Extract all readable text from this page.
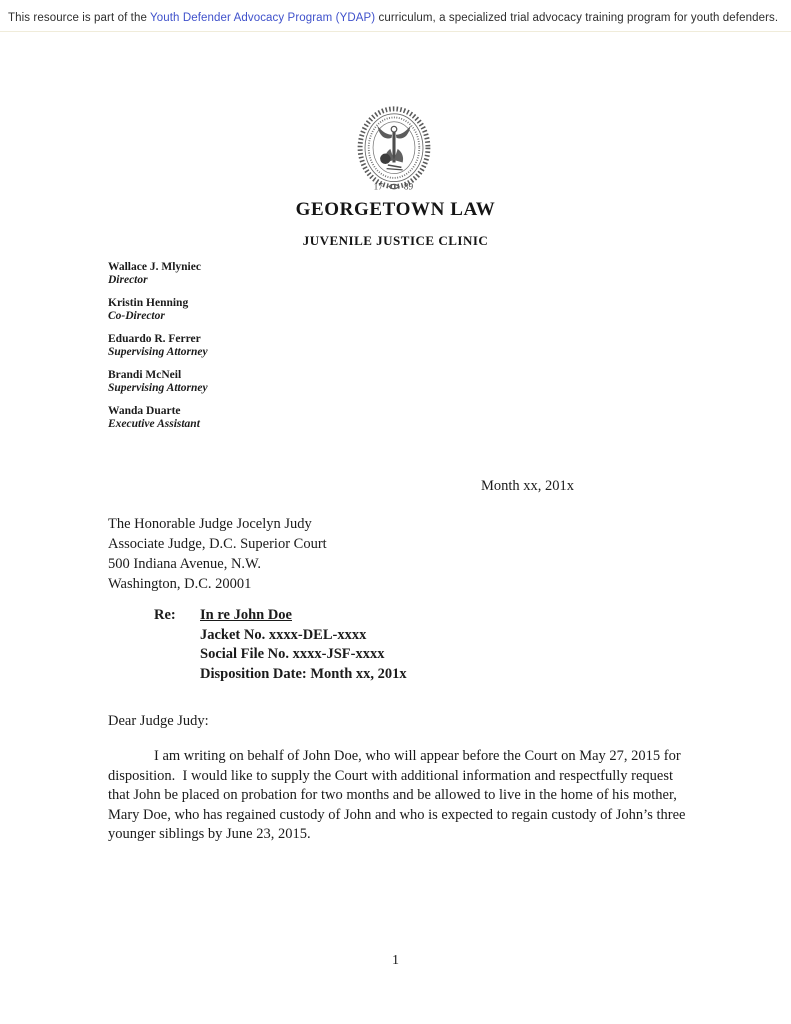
This resource is part of the Youth Defender Advocacy Program (YDAP) curriculum, a specialized trial advocacy training program for youth defenders.
17 89
GEORGETOWN LAW
JUVENILE JUSTICE CLINIC
Wallace J. Mlyniec
Director
Kristin Henning
Co-Director
Eduardo R. Ferrer
Supervising Attorney
Brandi McNeil
Supervising Attorney
Wanda Duarte
Executive Assistant
Month xx, 201x
The Honorable Judge Jocelyn Judy
Associate Judge, D.C. Superior Court
500 Indiana Avenue, N.W.
Washington, D.C. 20001
Re:	In re John Doe
Jacket No. xxxx-DEL-xxxx
Social File No. xxxx-JSF-xxxx
Disposition Date: Month xx, 201x
Dear Judge Judy:
I am writing on behalf of John Doe, who will appear before the Court on May 27, 2015 for disposition.  I would like to supply the Court with additional information and respectfully request that John be placed on probation for two months and be allowed to live in the home of his mother, Mary Doe, who has regained custody of John and who is expected to regain custody of John’s three younger siblings by June 23, 2015.
1
